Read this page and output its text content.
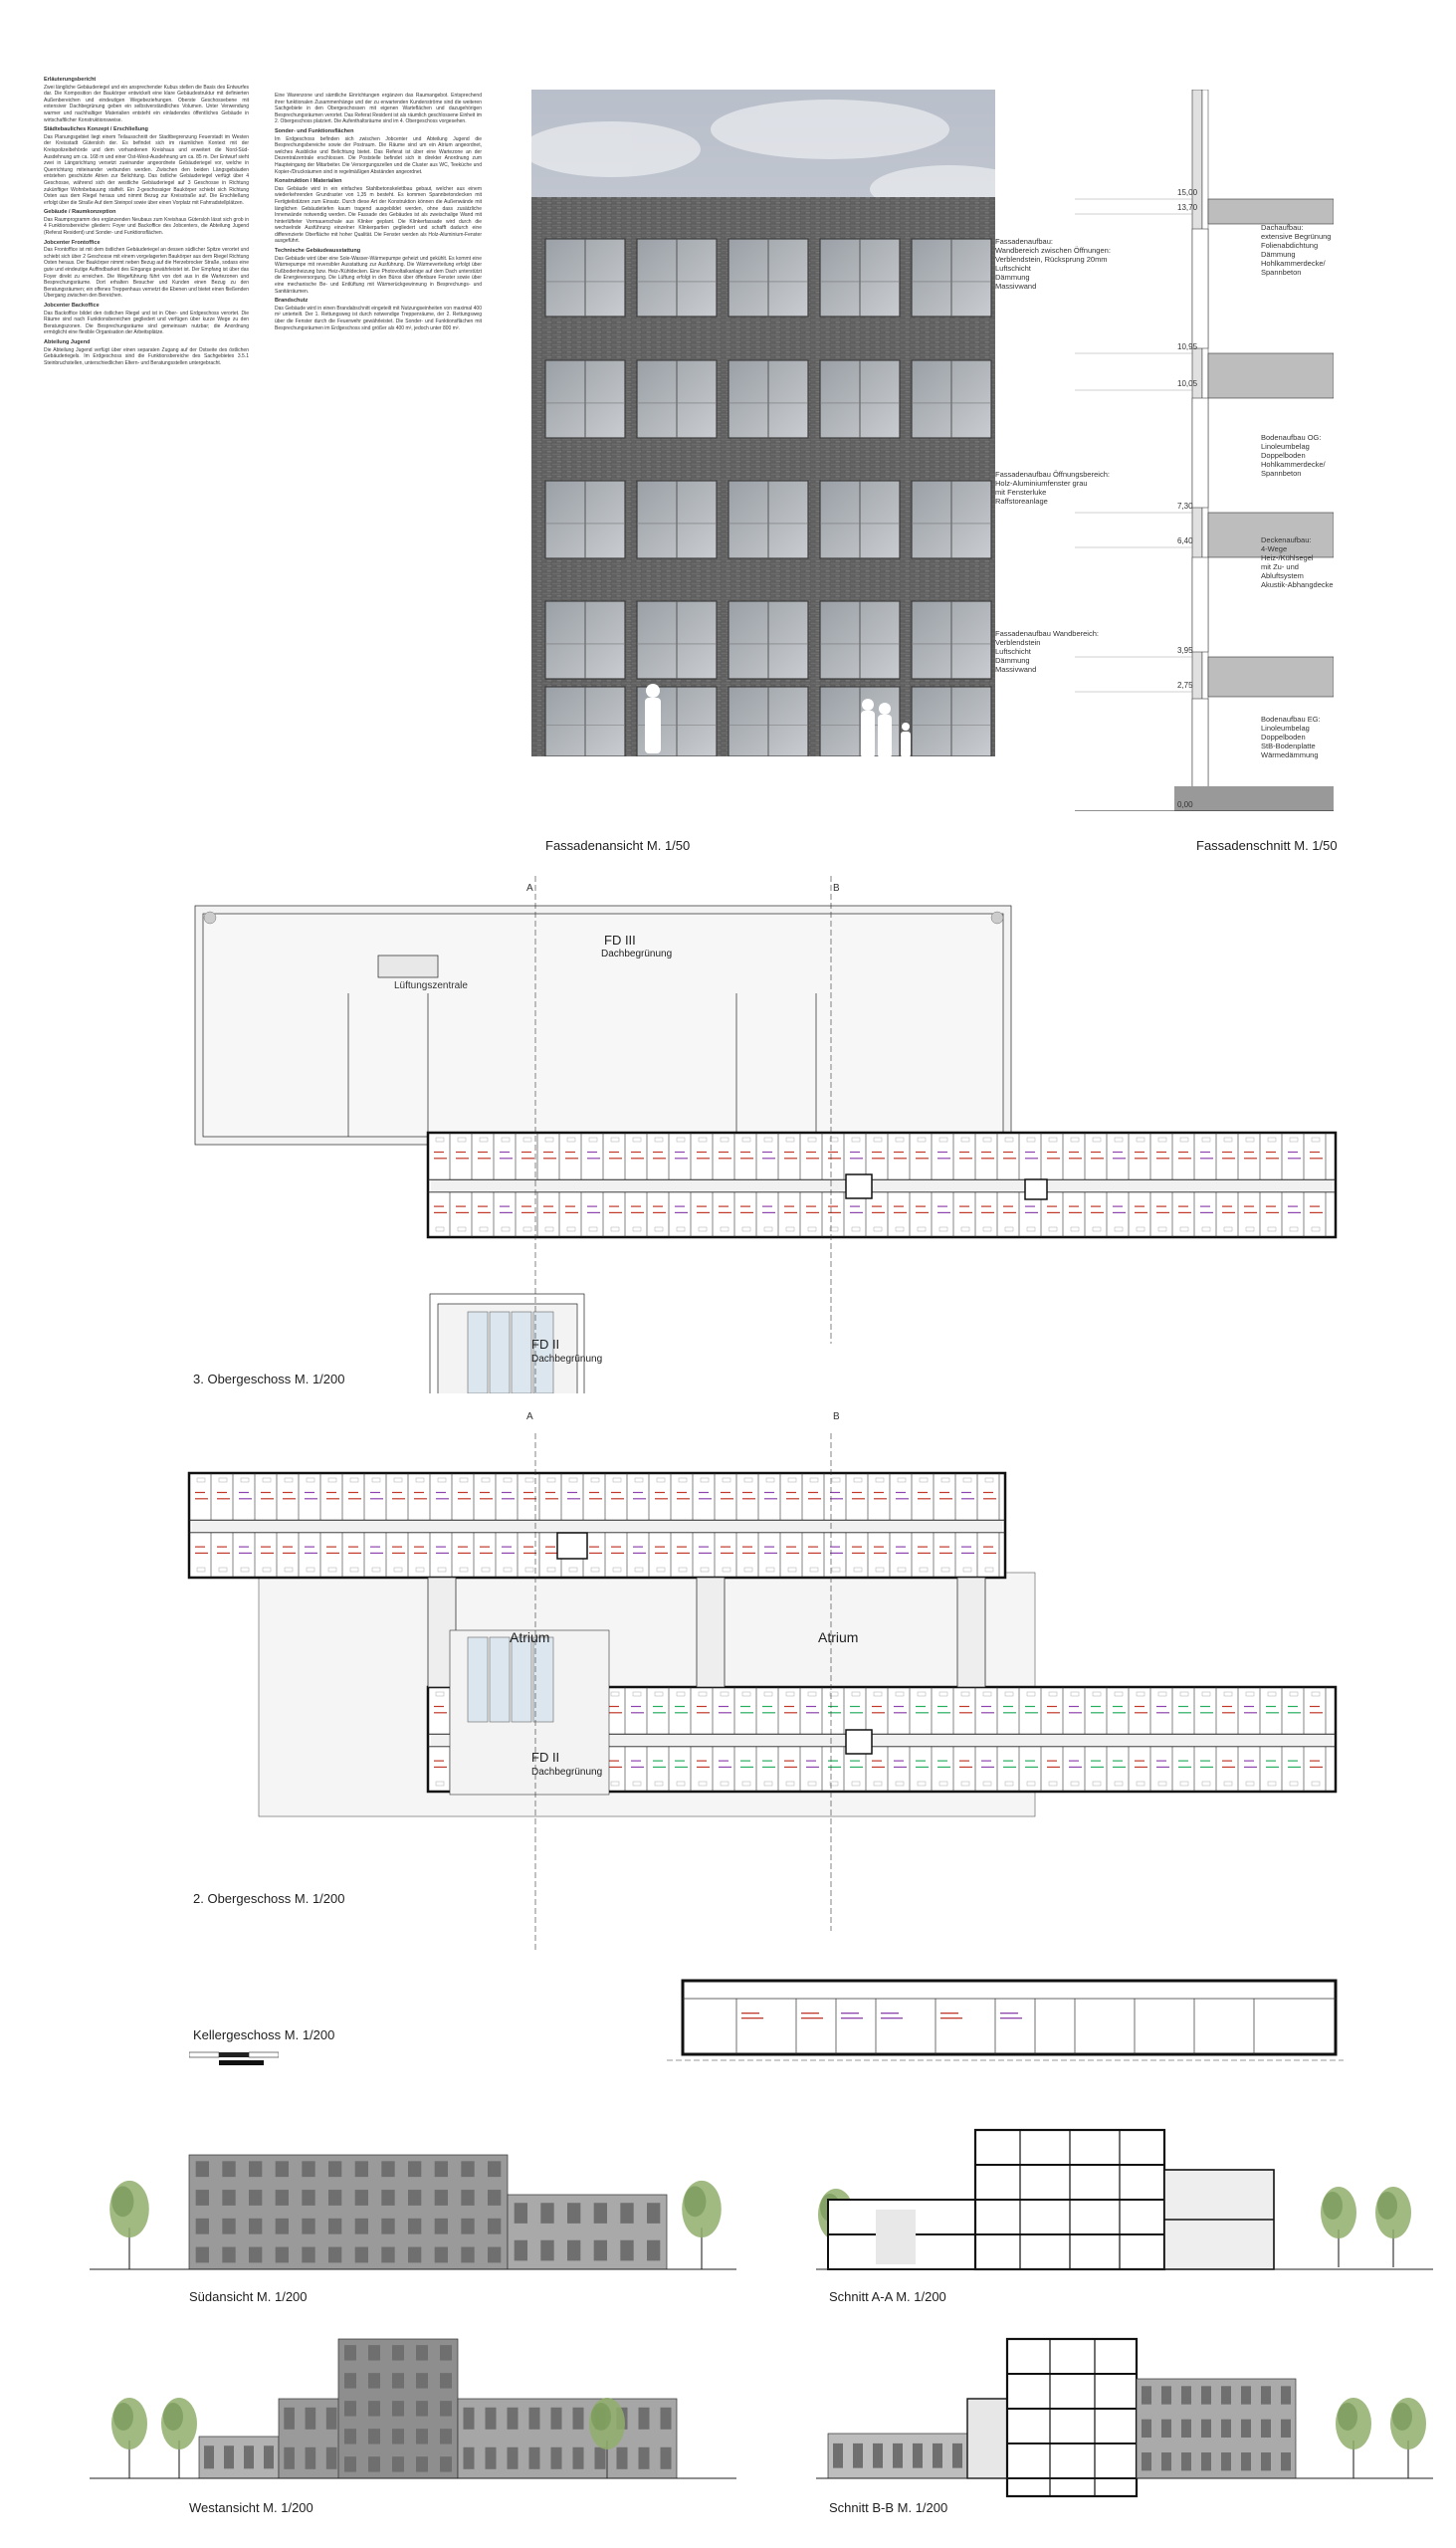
Erläuterungsbericht

Zwei längliche Gebäuderiegel und ein ansprechender Kubus stellen die Basis des Entwurfes dar. Die Komposition der Baukörper entwickelt eine klare Gebäudestruktur mit definierten Außenbereichen und eindeutigen Wegebeziehungen. Oberste Geschossebene mit extensiver Dachbegrünung geben ein selbstverständliches Volumen. Unter Verwendung warmer und nachhaltiger Materialien entsteht ein einladendes öffentliches Gebäude in wirtschaftlicher Konstruktionsweise.

Städtebauliches Konzept / Erschließung

Das Planungsgebiet liegt einem Teilausschnitt der Stadtbegrenzung Feuerstadt im Westen der Kreisstadt Gütersloh der. Es befindet sich im räumlichen Kontext mit der Kreispolizeibehörde und dem vorhandenen Kreishaus und erweitert die Nord-Süd-Ausdehnung um ca. 168 m und einer Ost-West-Ausdehnung um ca. 85 m. Der Entwurf sieht zwei in Längsrichtung versetzt zueinander angeordnete Gebäuderiegel vor, welche in Querrichtung miteinander verbunden werden. Zwischen den beiden Längsgebäuden entstehen geschützte Atrien zur Belichtung. Das östliche Gebäuderiegel verfügt über 4 Geschosse, während sich der westliche Gebäuderiegel auf 3 Geschosse in Richtung zukünftiger Wohnbebauung staffelt. Ein 2-geschossiger Baukörper schiebt sich Richtung Osten aus dem Riegel heraus und nimmt Bezug zur Kreisstraße auf. Die Erschließung erfolgt über die Straße Auf dem Steinpol sowie über einen Vorplatz mit Fahrradstellplätzen.

Gebäude / Raumkonzeption

Das Raumprogramm des ergänzenden Neubaus zum Kreishaus Gütersloh lässt sich grob in 4 Funktionsbereiche gliedern: Foyer und Backoffice des Jobcenters, die Abteilung Jugend (Referat Resident) und Sonder- und Funktionsflächen.

Jobcenter Frontoffice

Das Frontoffice ist mit dem östlichen Gebäuderiegel an dessen südlicher Spitze verortet und schiebt sich über 2 Geschosse mit einem vorgelagerten Baukörper aus dem Riegel Richtung Osten heraus. Der Baukörper nimmt neben Bezug auf die Herzebrocker Straße, sodass eine gute und eindeutige Auffindbarkeit des Eingangs gewährleistet ist. Der Empfang ist über das Foyer direkt zu erreichen. Die Wegeführung führt von dort aus in die Wartezonen und Besprechungsräume. Dort erhalten Besucher und Kunden einen Bezug zu den Beratungsräumen; ein offenes Treppenhaus vernetzt die Ebenen und bietet einen fließenden Übergang zwischen den Bereichen.

Jobcenter Backoffice

Das Backoffice bildet den östlichen Riegel und ist in Ober- und Erdgeschoss verortet. Die Räume sind nach Funktionsbereichen gegliedert und verfügen über kurze Wege zu den Beratungszonen. Die Besprechungsräume sind gemeinsam nutzbar; die Anordnung ermöglicht eine flexible Organisation der Arbeitsplätze.

Abteilung Jugend

Die Abteilung Jugend verfügt über einen separaten Zugang auf der Ostseite des östlichen Gebäuderiegels. Im Erdgeschoss sind die Funktionsbereiche des Sachgebietes 3.5.1 Steinbruchstellen, unterschiedlichen Eltern- und Beratungsstellen untergebracht.

Eine Warenzone und sämtliche Einrichtungen ergänzen das Raumangebot. Entsprechend ihrer funktionalen Zusammenhänge und der zu erwartenden Kundenströme sind die weiteren Sachgebiete in den Obergeschossen mit eigenen Warteflächen und dazugehörigen Besprechungsräumen verortet. Das Referat Resident ist als räumlich geschlossene Einheit im 2. Obergeschoss platziert. Die Aufenthaltsräume sind im 4. Obergeschoss vorgesehen.

Sonder- und Funktionsflächen

Im Erdgeschoss befinden sich zwischen Jobcenter und Abteilung Jugend die Besprechungsbereiche sowie der Postraum. Die Räume sind um ein Atrium angeordnet, welches Ausblicke und Belichtung bietet. Das Referat ist über eine Wartezone an der Dezentralzentrale erschlossen. Die Poststelle befindet sich in direkter Anordnung zum Haupteingang der Mitarbeiter. Die Versorgungszellen und die Cluster aus WC, Teeküche und Kopier-/Druckräumen sind in regelmäßigen Abständen angeordnet.

Konstruktion / Materialien

Das Gebäude wird in ein einfaches Stahlbetonskelettbau gebaut, welcher aus einem wiederkehrenden Grundraster von 1,35 m besteht. Es kommen Spannbetondecken mit Fertigteilstützen zum Einsatz. Durch diese Art der Konstruktion können die Außenwände mit länglichen Gebäudetiefen kaum tragend ausgebildet werden, ohne dass zusätzliche Innenwände notwendig werden. Die Fassade des Gebäudes ist als zweischalige Wand mit hinterlüfteter Vormauerschale aus Klinker geplant. Die Klinkerfassade wird durch die wechselnde Ausführung einzelner Klinkerpartien gegliedert und schafft dadurch eine differenzierte Oberfläche mit hoher Qualität. Die Fenster werden als Holz-Aluminium-Fenster ausgeführt.

Technische Gebäudeausstattung

Das Gebäude wird über eine Sole-Wasser-Wärmepumpe geheizt und gekühlt. Es kommt eine Wärmepumpe mit reversibler Ausstattung zur Ausführung. Die Wärmeverteilung erfolgt über Fußbodenheizung bzw. Heiz-/Kühldecken. Eine Photovoltaikanlage auf dem Dach unterstützt die Energieversorgung. Die Lüftung erfolgt in den Büros über öffenbare Fenster sowie über eine mechanische Be- und Entlüftung mit Wärmerückgewinnung in Besprechungs- und Sanitärräumen.

Brandschutz

Das Gebäude wird in einen Brandabschnitt eingeteilt mit Nutzungseinheiten von maximal 400 m² unterteilt. Der 1. Rettungsweg ist durch notwendige Treppenräume, der 2. Rettungsweg über die Fenster durch die Feuerwehr gewährleistet. Die Sonder- und Funktionsflächen mit Besprechungsräumen im Erdgeschoss sind größer als 400 m², jedoch unter 800 m².

15,00
13,70
10,95
10,05
7,30
6,40
3,95
2,75
0,00
Fassadenaufbau:
Wandbereich zwischen Öffnungen:
Verblendstein, Rücksprung 20mm
Luftschicht
Dämmung
Massivwand
Fassadenaufbau Öffnungsbereich:
Holz-Aluminiumfenster grau
mit Fensterluke
Raffstoreanlage
Fassadenaufbau Wandbereich:
Verblendstein
Luftschicht
Dämmung
Massivwand
Dachaufbau:
extensive Begrünung
Folienabdichtung
Dämmung
Hohlkammerdecke/
Spannbeton
Bodenaufbau OG:
Linoleumbelag
Doppelboden
Hohlkammerdecke/
Spannbeton
Deckenaufbau:
4-Wege Heiz-/Kühlsegel
mit Zu- und Abluftsystem
Akustik-Abhangdecke
Bodenaufbau EG:
Linoleumbelag
Doppelboden
StB-Bodenplatte
Wärmedämmung
Fassadenansicht M. 1/50	Fassadenschnitt M. 1/50
FD III
Dachbegrünung
Lüftungszentrale
FD II
Dachbegrünung
A	B
3. Obergeschoss M. 1/200
Atrium	Atrium
FD II
Dachbegrünung
A	B
2. Obergeschoss M. 1/200
Kellergeschoss M. 1/200
Südansicht M. 1/200	Schnitt A-A M. 1/200
Westansicht M. 1/200	Schnitt B-B M. 1/200
